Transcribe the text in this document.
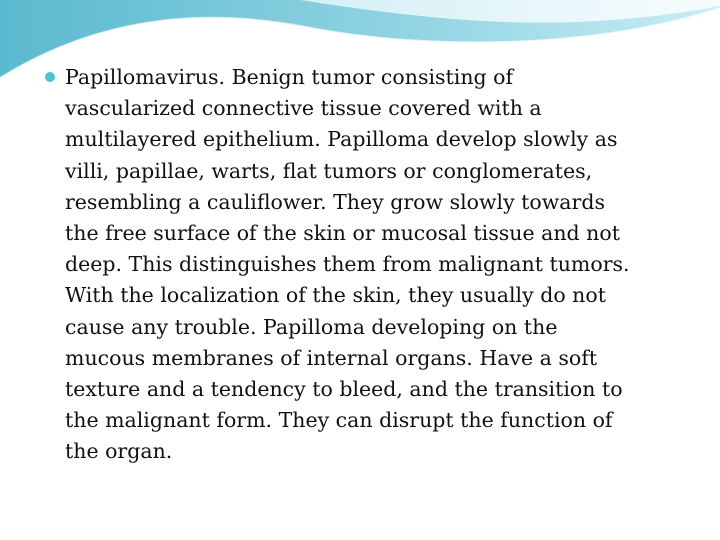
Papillomavirus. Benign tumor consisting of
vascularized connective tissue covered with a
multilayered epithelium. Papilloma develop slowly as
villi, papillae, warts, flat tumors or conglomerates,
resembling a cauliflower. They grow slowly towards
the free surface of the skin or mucosal tissue and not
deep. This distinguishes them from malignant tumors.
With the localization of the skin, they usually do not
cause any trouble. Papilloma developing on the
mucous membranes of internal organs. Have a soft
texture and a tendency to bleed, and the transition to
the malignant form. They can disrupt the function of
the organ.
